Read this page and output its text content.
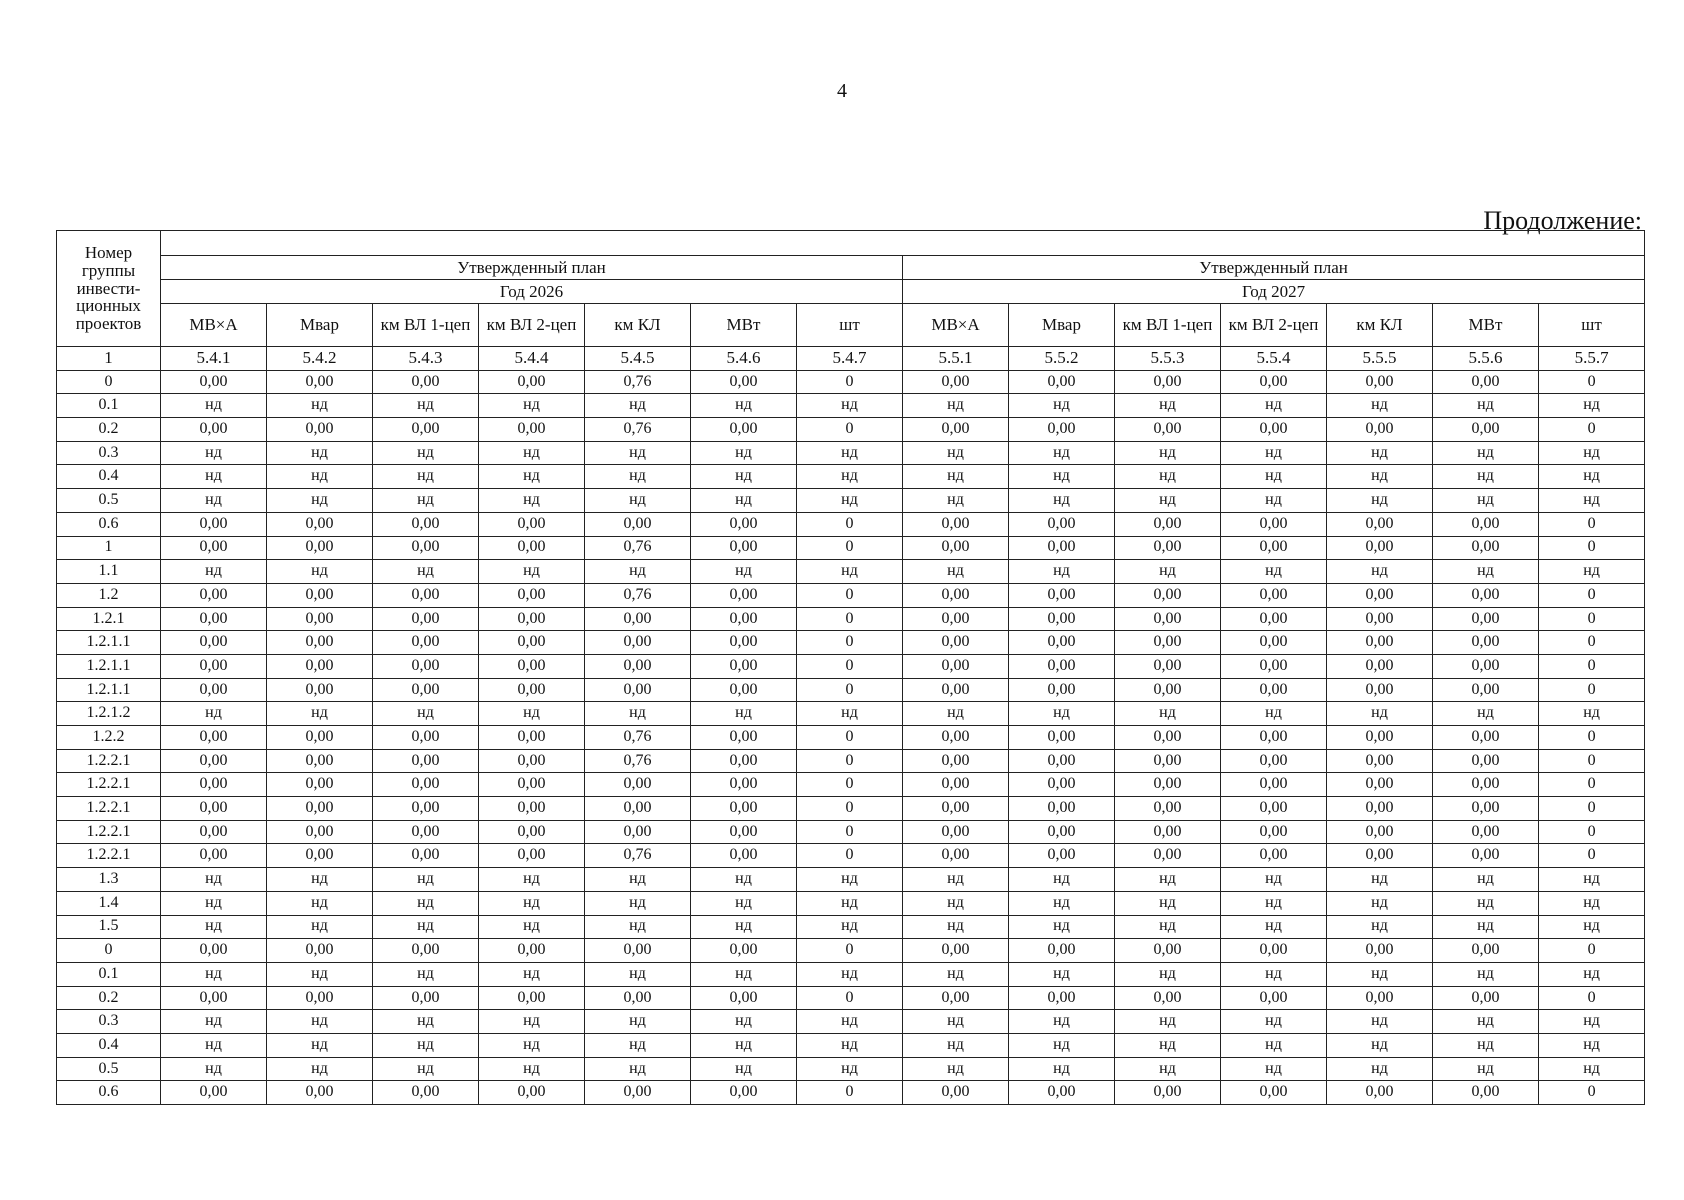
4
Продолжение:
Номер группы инвести-ционных проектов														
	Утвержденный план							Утвержденный план						
	Год 2026							Год 2027						
	МВ×А	Мвар	км ВЛ 1-цеп	км ВЛ 2-цеп	км КЛ	МВт	шт	МВ×А	Мвар	км ВЛ 1-цеп	км ВЛ 2-цеп	км КЛ	МВт	шт
1	5.4.1	5.4.2	5.4.3	5.4.4	5.4.5	5.4.6	5.4.7	5.5.1	5.5.2	5.5.3	5.5.4	5.5.5	5.5.6	5.5.7
0	0,00	0,00	0,00	0,00	0,76	0,00	0	0,00	0,00	0,00	0,00	0,00	0,00	0
0.1	нд	нд	нд	нд	нд	нд	нд	нд	нд	нд	нд	нд	нд	нд
0.2	0,00	0,00	0,00	0,00	0,76	0,00	0	0,00	0,00	0,00	0,00	0,00	0,00	0
0.3	нд	нд	нд	нд	нд	нд	нд	нд	нд	нд	нд	нд	нд	нд
0.4	нд	нд	нд	нд	нд	нд	нд	нд	нд	нд	нд	нд	нд	нд
0.5	нд	нд	нд	нд	нд	нд	нд	нд	нд	нд	нд	нд	нд	нд
0.6	0,00	0,00	0,00	0,00	0,00	0,00	0	0,00	0,00	0,00	0,00	0,00	0,00	0
1	0,00	0,00	0,00	0,00	0,76	0,00	0	0,00	0,00	0,00	0,00	0,00	0,00	0
1.1	нд	нд	нд	нд	нд	нд	нд	нд	нд	нд	нд	нд	нд	нд
1.2	0,00	0,00	0,00	0,00	0,76	0,00	0	0,00	0,00	0,00	0,00	0,00	0,00	0
1.2.1	0,00	0,00	0,00	0,00	0,00	0,00	0	0,00	0,00	0,00	0,00	0,00	0,00	0
1.2.1.1	0,00	0,00	0,00	0,00	0,00	0,00	0	0,00	0,00	0,00	0,00	0,00	0,00	0
1.2.1.1	0,00	0,00	0,00	0,00	0,00	0,00	0	0,00	0,00	0,00	0,00	0,00	0,00	0
1.2.1.1	0,00	0,00	0,00	0,00	0,00	0,00	0	0,00	0,00	0,00	0,00	0,00	0,00	0
1.2.1.2	нд	нд	нд	нд	нд	нд	нд	нд	нд	нд	нд	нд	нд	нд
1.2.2	0,00	0,00	0,00	0,00	0,76	0,00	0	0,00	0,00	0,00	0,00	0,00	0,00	0
1.2.2.1	0,00	0,00	0,00	0,00	0,76	0,00	0	0,00	0,00	0,00	0,00	0,00	0,00	0
1.2.2.1	0,00	0,00	0,00	0,00	0,00	0,00	0	0,00	0,00	0,00	0,00	0,00	0,00	0
1.2.2.1	0,00	0,00	0,00	0,00	0,00	0,00	0	0,00	0,00	0,00	0,00	0,00	0,00	0
1.2.2.1	0,00	0,00	0,00	0,00	0,00	0,00	0	0,00	0,00	0,00	0,00	0,00	0,00	0
1.2.2.1	0,00	0,00	0,00	0,00	0,76	0,00	0	0,00	0,00	0,00	0,00	0,00	0,00	0
1.3	нд	нд	нд	нд	нд	нд	нд	нд	нд	нд	нд	нд	нд	нд
1.4	нд	нд	нд	нд	нд	нд	нд	нд	нд	нд	нд	нд	нд	нд
1.5	нд	нд	нд	нд	нд	нд	нд	нд	нд	нд	нд	нд	нд	нд
0	0,00	0,00	0,00	0,00	0,00	0,00	0	0,00	0,00	0,00	0,00	0,00	0,00	0
0.1	нд	нд	нд	нд	нд	нд	нд	нд	нд	нд	нд	нд	нд	нд
0.2	0,00	0,00	0,00	0,00	0,00	0,00	0	0,00	0,00	0,00	0,00	0,00	0,00	0
0.3	нд	нд	нд	нд	нд	нд	нд	нд	нд	нд	нд	нд	нд	нд
0.4	нд	нд	нд	нд	нд	нд	нд	нд	нд	нд	нд	нд	нд	нд
0.5	нд	нд	нд	нд	нд	нд	нд	нд	нд	нд	нд	нд	нд	нд
0.6	0,00	0,00	0,00	0,00	0,00	0,00	0	0,00	0,00	0,00	0,00	0,00	0,00	0
